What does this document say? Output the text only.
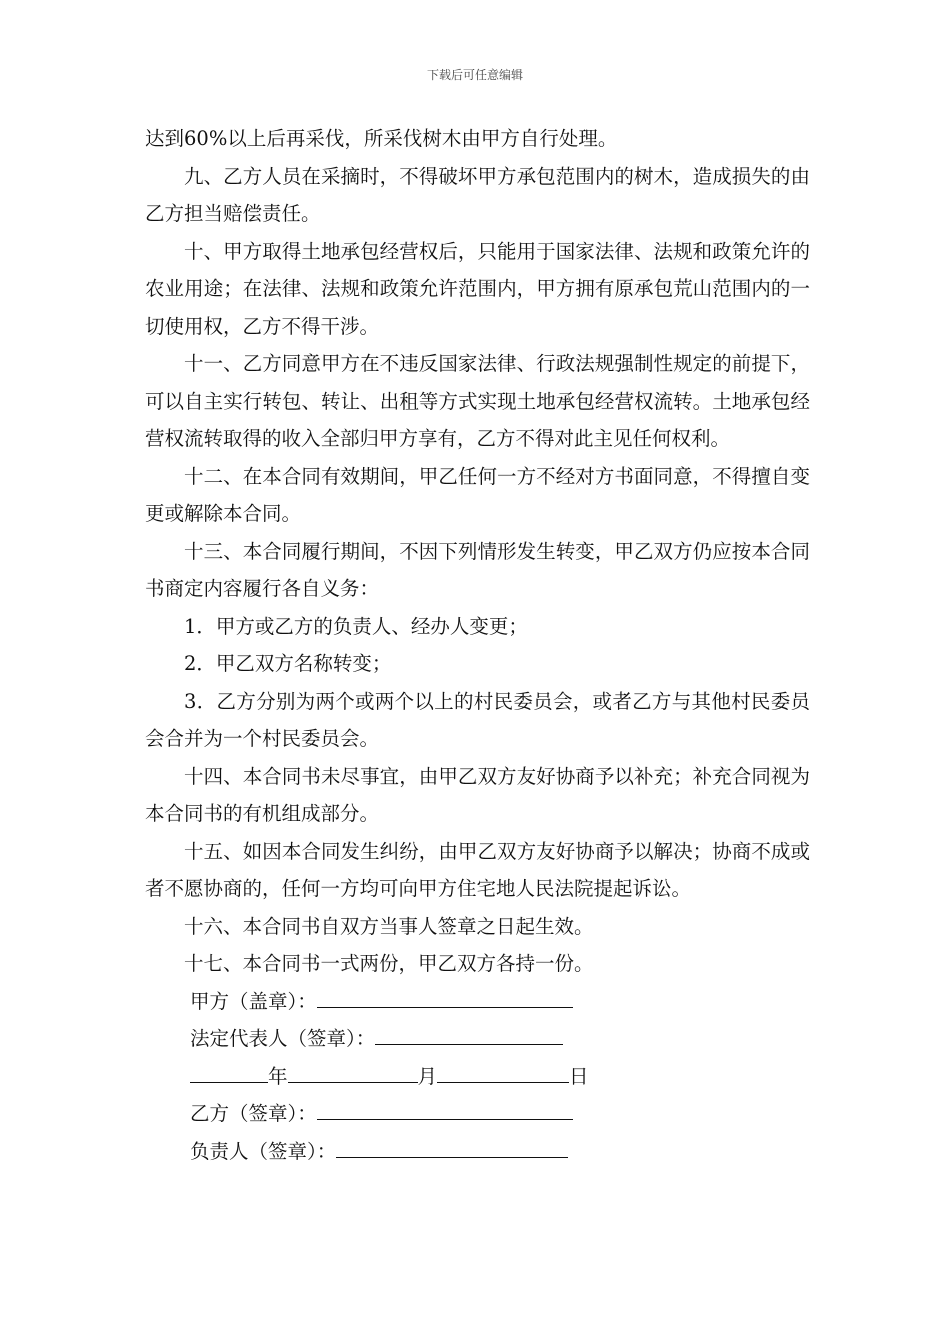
下载后可任意编辑

达到60%以上后再采伐，所采伐树木由甲方自行处理。

九、乙方人员在采摘时，不得破坏甲方承包范围内的树木，造成损失的由乙方担当赔偿责任。

十、甲方取得土地承包经营权后，只能用于国家法律、法规和政策允许的农业用途；在法律、法规和政策允许范围内，甲方拥有原承包荒山范围内的一切使用权，乙方不得干涉。

十一、乙方同意甲方在不违反国家法律、行政法规强制性规定的前提下，可以自主实行转包、转让、出租等方式实现土地承包经营权流转。土地承包经营权流转取得的收入全部归甲方享有，乙方不得对此主见任何权利。

十二、在本合同有效期间，甲乙任何一方不经对方书面同意，不得擅自变更或解除本合同。

十三、本合同履行期间，不因下列情形发生转变，甲乙双方仍应按本合同书商定内容履行各自义务：

1．甲方或乙方的负责人、经办人变更；

2．甲乙双方名称转变；

3．乙方分别为两个或两个以上的村民委员会，或者乙方与其他村民委员会合并为一个村民委员会。

十四、本合同书未尽事宜，由甲乙双方友好协商予以补充；补充合同视为本合同书的有机组成部分。

十五、如因本合同发生纠纷，由甲乙双方友好协商予以解决；协商不成或者不愿协商的，任何一方均可向甲方住宅地人民法院提起诉讼。

十六、本合同书自双方当事人签章之日起生效。

十七、本合同书一式两份，甲乙双方各持一份。

甲方（盖章）：
法定代表人（签章）：
年	月	日
乙方（签章）：
负责人（签章）：
